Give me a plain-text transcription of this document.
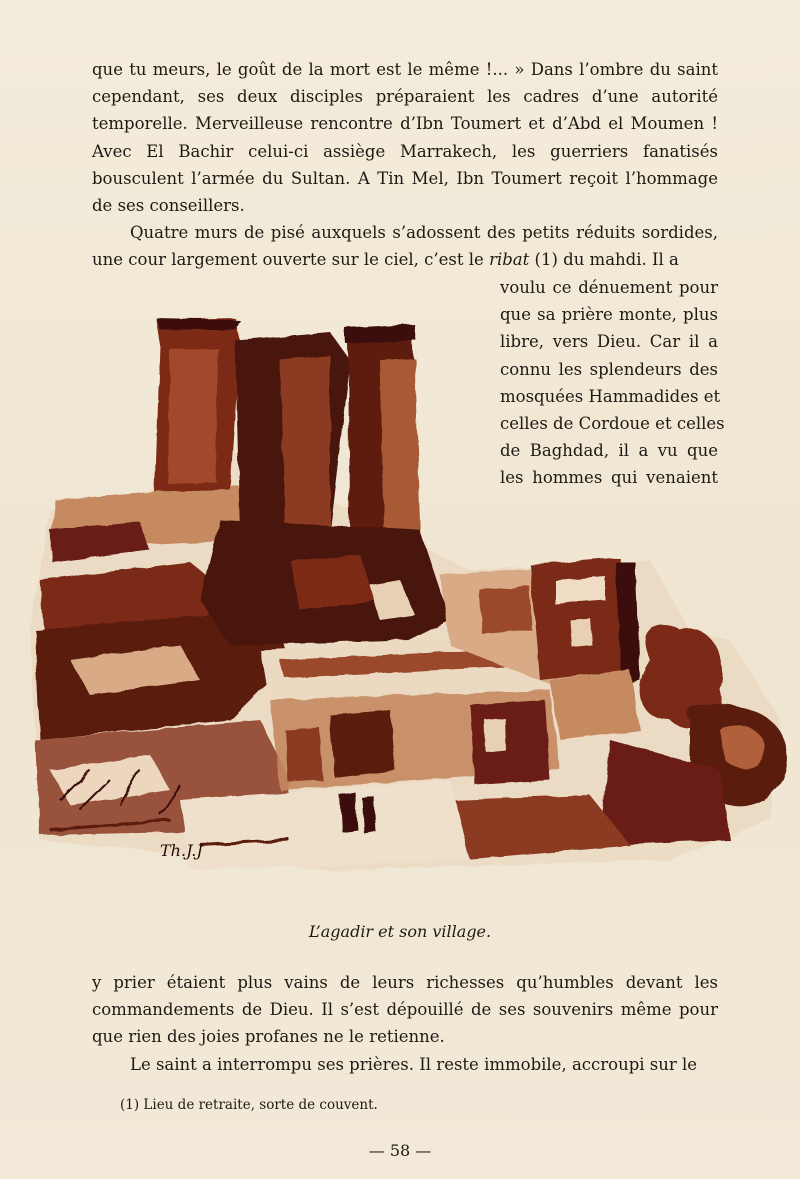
que tu meurs, le goût de la mort est le même !... » Dans l’ombre du saint cependant, ses deux disciples préparaient les cadres d’une autorité temporelle. Merveilleuse rencontre d’Ibn Toumert et d’Abd el Moumen ! Avec El Bachir celui-ci assiège Marrakech, les guerriers fanatisés bousculent l’armée du Sultan. A Tin Mel, Ibn Toumert reçoit l’hommage de ses conseillers.

Quatre murs de pisé auxquels s’adossent des petits réduits sordides, une cour largement ouverte sur le ciel, c’est le ribat (1) du mahdi. Il a

voulu ce dénuement pour
que sa prière monte, plus
libre, vers Dieu. Car il a
connu les splendeurs des
mosquées Hammadides et
celles de Cordoue et celles
de Baghdad, il a vu que
les hommes qui venaient
Th.J.J
L’agadir et son village.

y prier étaient plus vains de leurs richesses qu’humbles devant les commandements de Dieu. Il s’est dépouillé de ses souvenirs même pour que rien des joies profanes ne le retienne.

Le saint a interrompu ses prières. Il reste immobile, accroupi sur le

(1) Lieu de retraite, sorte de couvent.
— 58 —
